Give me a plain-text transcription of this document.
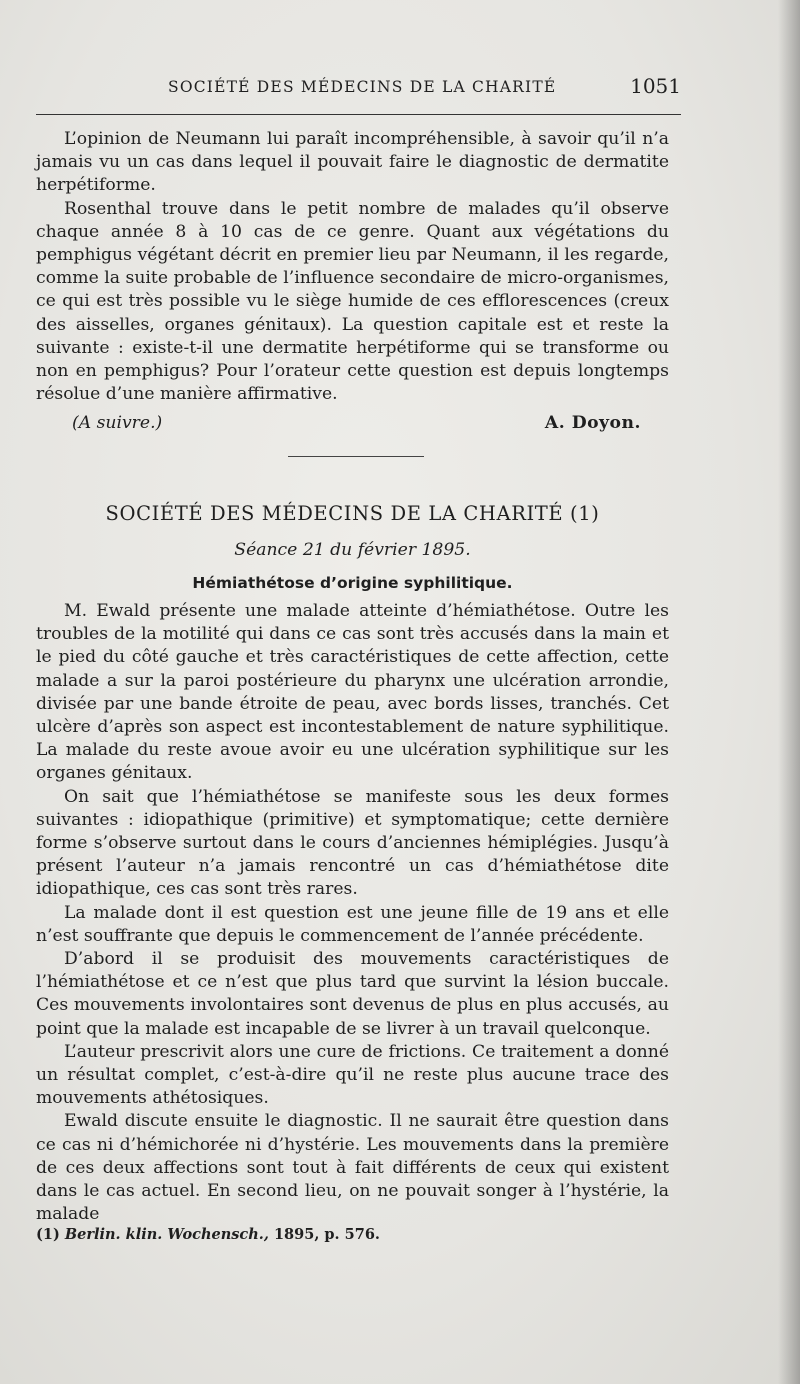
SOCIÉTÉ DES MÉDECINS DE LA CHARITÉ	1051

L’opinion de Neumann lui paraît incompréhensible, à savoir qu’il n’a jamais vu un cas dans lequel il pouvait faire le diagnostic de dermatite herpétiforme.

Rosenthal trouve dans le petit nombre de malades qu’il observe chaque année 8 à 10 cas de ce genre. Quant aux végétations du pemphigus végétant décrit en premier lieu par Neumann, il les regarde, comme la suite probable de l’influence secondaire de micro-organismes, ce qui est très possible vu le siège humide de ces efflorescences (creux des aisselles, organes génitaux). La question capitale est et reste la suivante : existe-t-il une dermatite herpétiforme qui se transforme ou non en pemphigus? Pour l’orateur cette question est depuis longtemps résolue d’une manière affirmative.

(A suivre.)	A. Doyon.
SOCIÉTÉ DES MÉDECINS DE LA CHARITÉ (1)
Séance 21 du février 1895.
Hémiathétose d’origine syphilitique.

M. Ewald présente une malade atteinte d’hémiathétose. Outre les troubles de la motilité qui dans ce cas sont très accusés dans la main et le pied du côté gauche et très caractéristiques de cette affection, cette malade a sur la paroi postérieure du pharynx une ulcération arrondie, divisée par une bande étroite de peau, avec bords lisses, tranchés. Cet ulcère d’après son aspect est incontestablement de nature syphilitique. La malade du reste avoue avoir eu une ulcération syphilitique sur les organes génitaux.

On sait que l’hémiathétose se manifeste sous les deux formes suivantes : idiopathique (primitive) et symptomatique; cette dernière forme s’observe surtout dans le cours d’anciennes hémiplégies. Jusqu’à présent l’auteur n’a jamais rencontré un cas d’hémiathétose dite idiopathique, ces cas sont très rares.

La malade dont il est question est une jeune fille de 19 ans et elle n’est souffrante que depuis le commencement de l’année précédente.

D’abord il se produisit des mouvements caractéristiques de l’hémiathétose et ce n’est que plus tard que survint la lésion buccale. Ces mouvements involontaires sont devenus de plus en plus accusés, au point que la malade est incapable de se livrer à un travail quelconque.

L’auteur prescrivit alors une cure de frictions. Ce traitement a donné un résultat complet, c’est-à-dire qu’il ne reste plus aucune trace des mouvements athétosiques.

Ewald discute ensuite le diagnostic. Il ne saurait être question dans ce cas ni d’hémichorée ni d’hystérie. Les mouvements dans la première de ces deux affections sont tout à fait différents de ceux qui existent dans le cas actuel. En second lieu, on ne pouvait songer à l’hystérie, la malade

(1) Berlin. klin. Wochensch., 1895, p. 576.
